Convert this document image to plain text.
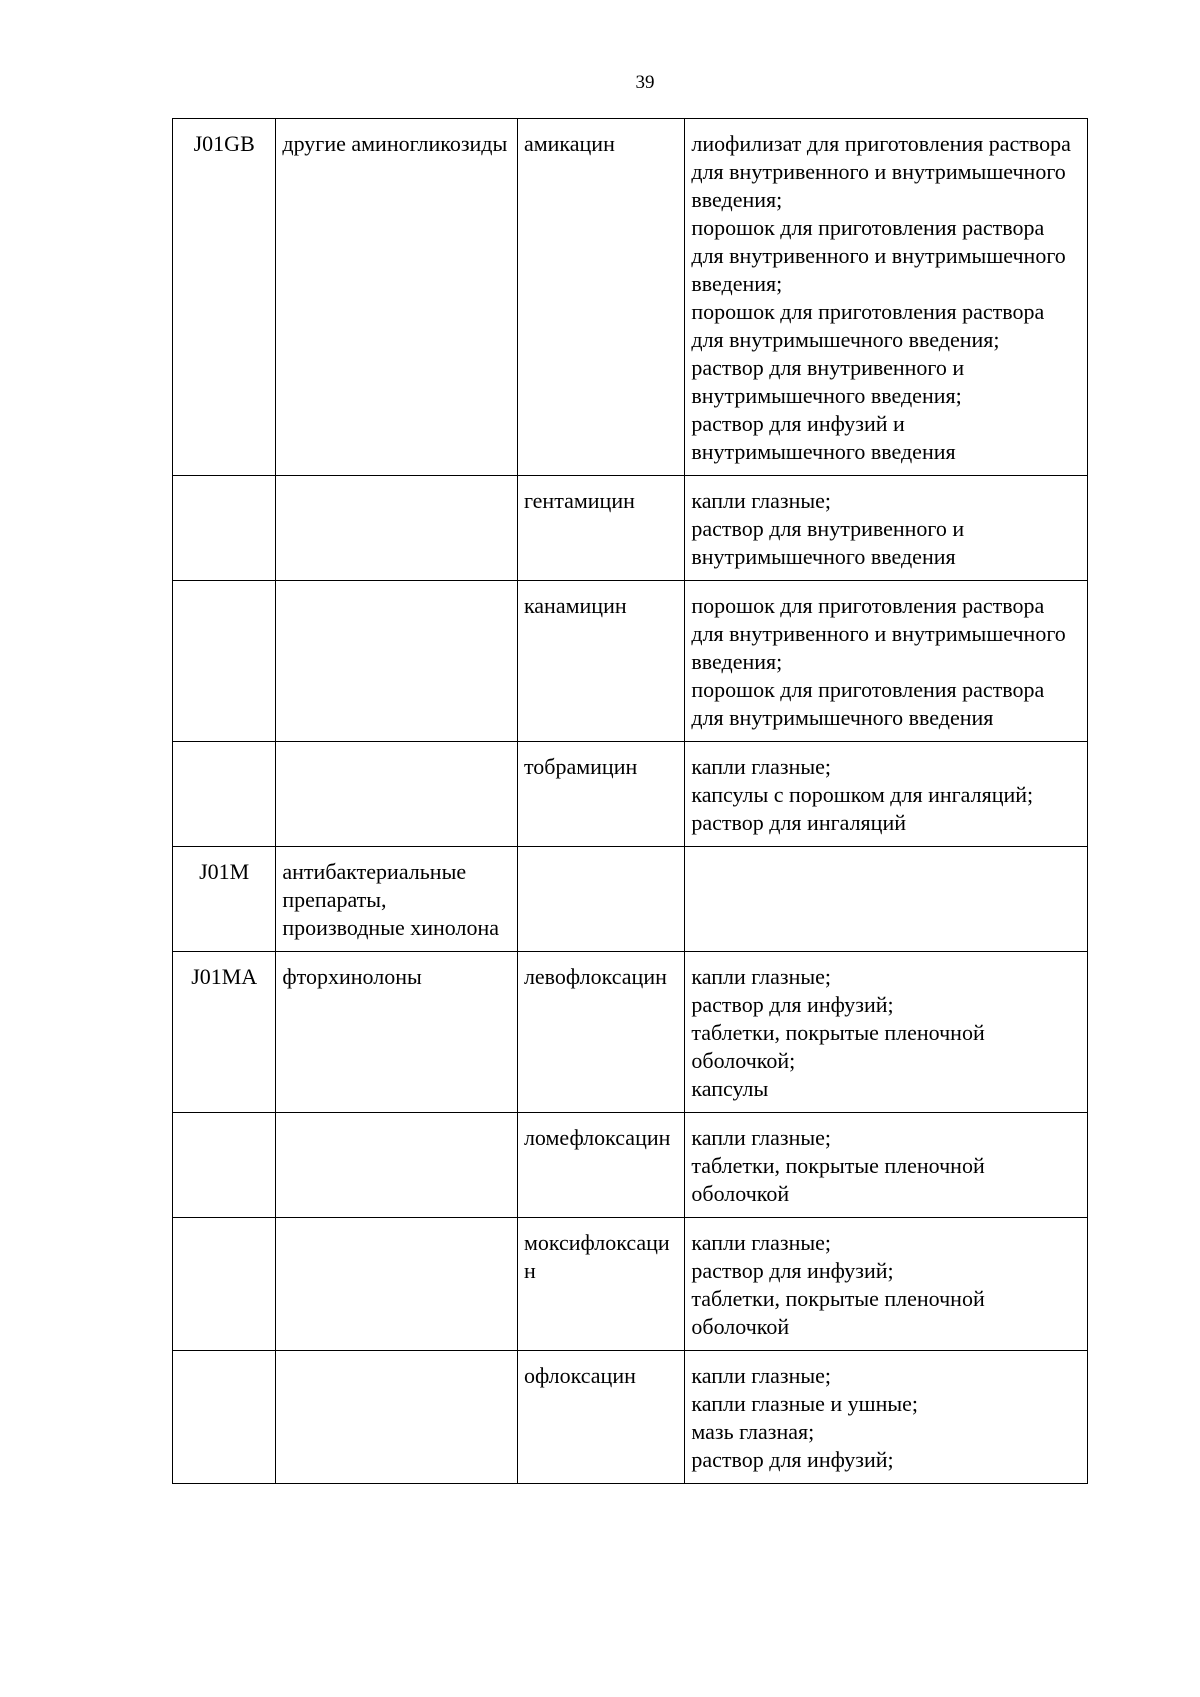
39
J01GB	другие аминогликозиды	амикацин	лиофилизат для приготовления раствора для внутривенного и внутримышечного введения;
порошок для приготовления раствора для внутривенного и внутримышечного введения;
порошок для приготовления раствора для внутримышечного введения;
раствор для внутривенного и внутримышечного введения;
раствор для инфузий и внутримышечного введения

		гентамицин	капли глазные;
раствор для внутривенного и внутримышечного введения

		канамицин	порошок для приготовления раствора для внутривенного и внутримышечного введения;
порошок для приготовления раствора для внутримышечного введения

		тобрамицин	капли глазные;
капсулы с порошком для ингаляций;
раствор для ингаляций

J01M	антибактериальные препараты, производные хинолона		
J01MA	фторхинолоны	левофлоксацин	капли глазные;
раствор для инфузий;
таблетки, покрытые пленочной оболочкой;
капсулы

		ломефлоксацин	капли глазные;
таблетки, покрытые пленочной оболочкой

		моксифлоксацин	капли глазные;
раствор для инфузий;
таблетки, покрытые пленочной оболочкой

		офлоксацин	капли глазные;
капли глазные и ушные;
мазь глазная;
раствор для инфузий;
